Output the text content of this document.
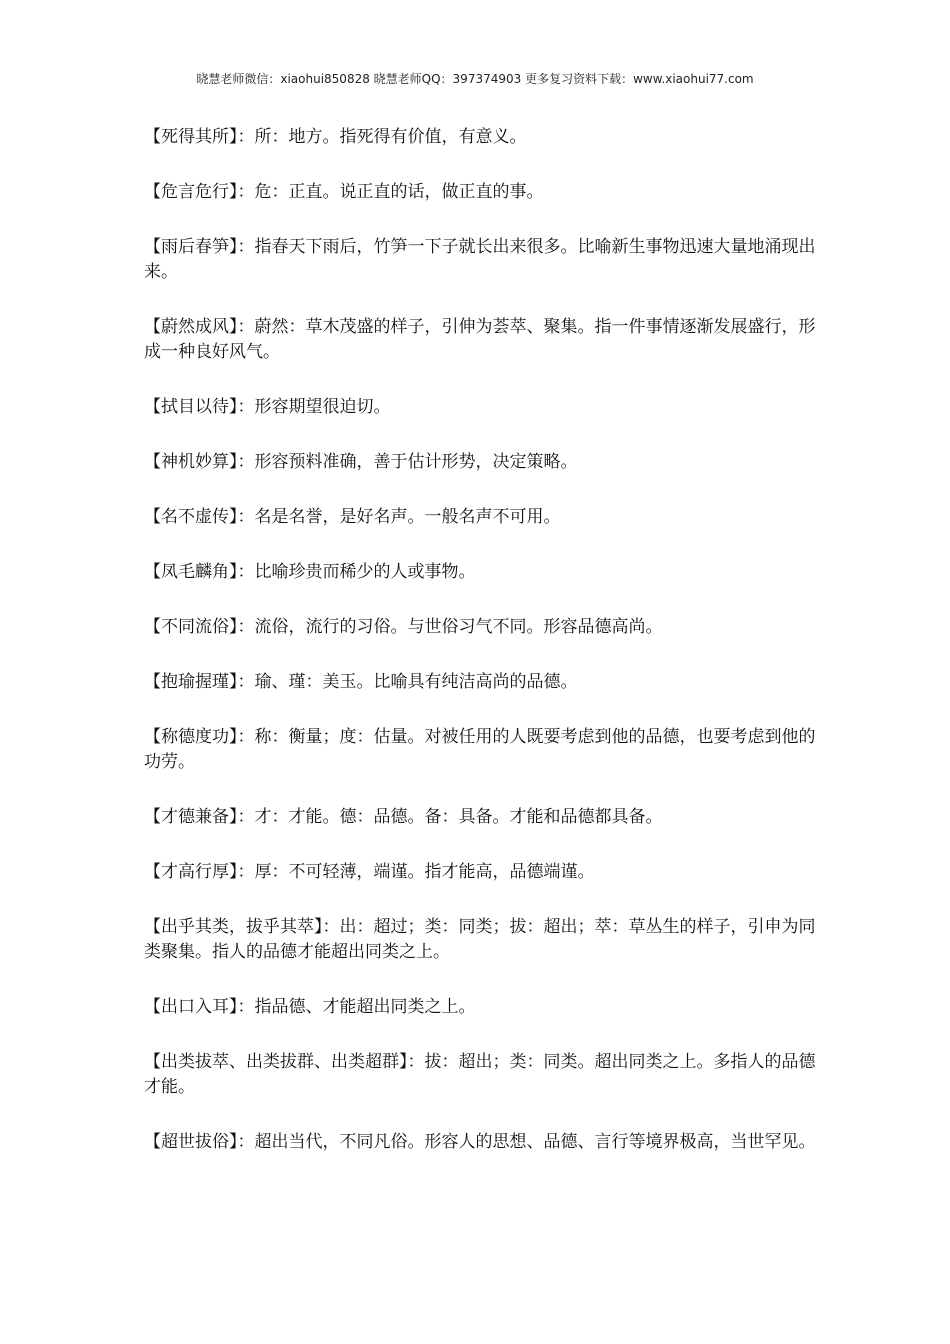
晓慧老师微信：xiaohui850828 晓慧老师QQ：397374903 更多复习资料下载：www.xiaohui77.com

【死得其所】：所：地方。指死得有价值，有意义。

【危言危行】：危：正直。说正直的话，做正直的事。

【雨后春笋】：指春天下雨后，竹笋一下子就长出来很多。比喻新生事物迅速大量地涌现出来。

【蔚然成风】：蔚然：草木茂盛的样子，引伸为荟萃、聚集。指一件事情逐渐发展盛行，形成一种良好风气。

【拭目以待】：形容期望很迫切。

【神机妙算】：形容预料准确，善于估计形势，决定策略。

【名不虚传】：名是名誉，是好名声。一般名声不可用。

【凤毛麟角】：比喻珍贵而稀少的人或事物。

【不同流俗】：流俗，流行的习俗。与世俗习气不同。形容品德高尚。

【抱瑜握瑾】：瑜、瑾：美玉。比喻具有纯洁高尚的品德。

【称德度功】：称：衡量；度：估量。对被任用的人既要考虑到他的品德，也要考虑到他的功劳。

【才德兼备】：才：才能。德：品德。备：具备。才能和品德都具备。

【才高行厚】：厚：不可轻薄，端谨。指才能高，品德端谨。

【出乎其类，拔乎其萃】：出：超过；类：同类；拔：超出；萃：草丛生的样子，引申为同类聚集。指人的品德才能超出同类之上。

【出口入耳】：指品德、才能超出同类之上。

【出类拔萃、出类拔群、出类超群】：拔：超出；类：同类。超出同类之上。多指人的品德才能。

【超世拔俗】：超出当代，不同凡俗。形容人的思想、品德、言行等境界极高，当世罕见。
